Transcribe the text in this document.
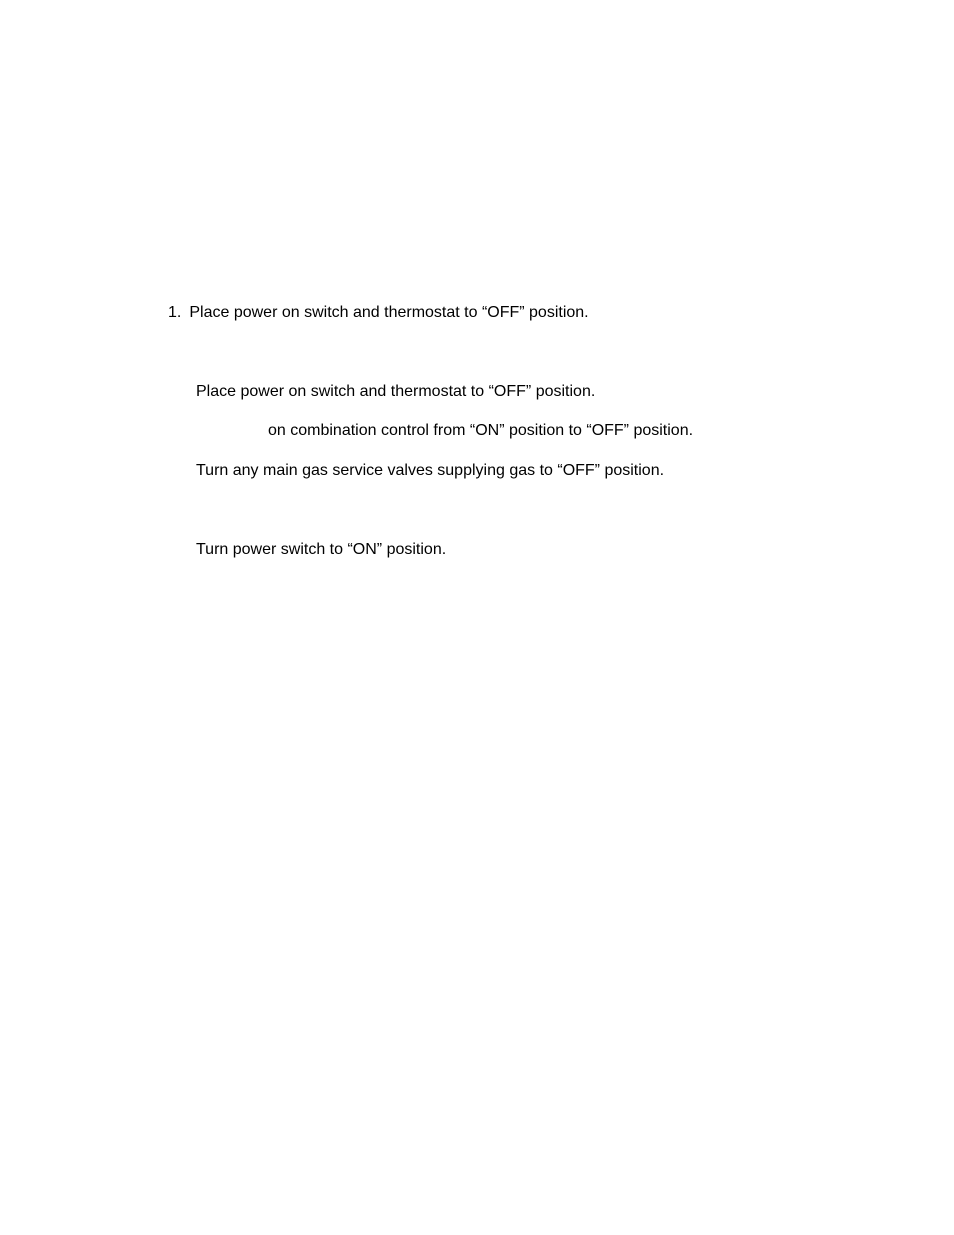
1. Place power on switch and thermostat to “OFF” position.
Place power on switch and thermostat to “OFF” position.
on combination control from “ON” position to “OFF” position.
Turn any main gas service valves supplying gas to “OFF” position.
Turn power switch to “ON” position.
